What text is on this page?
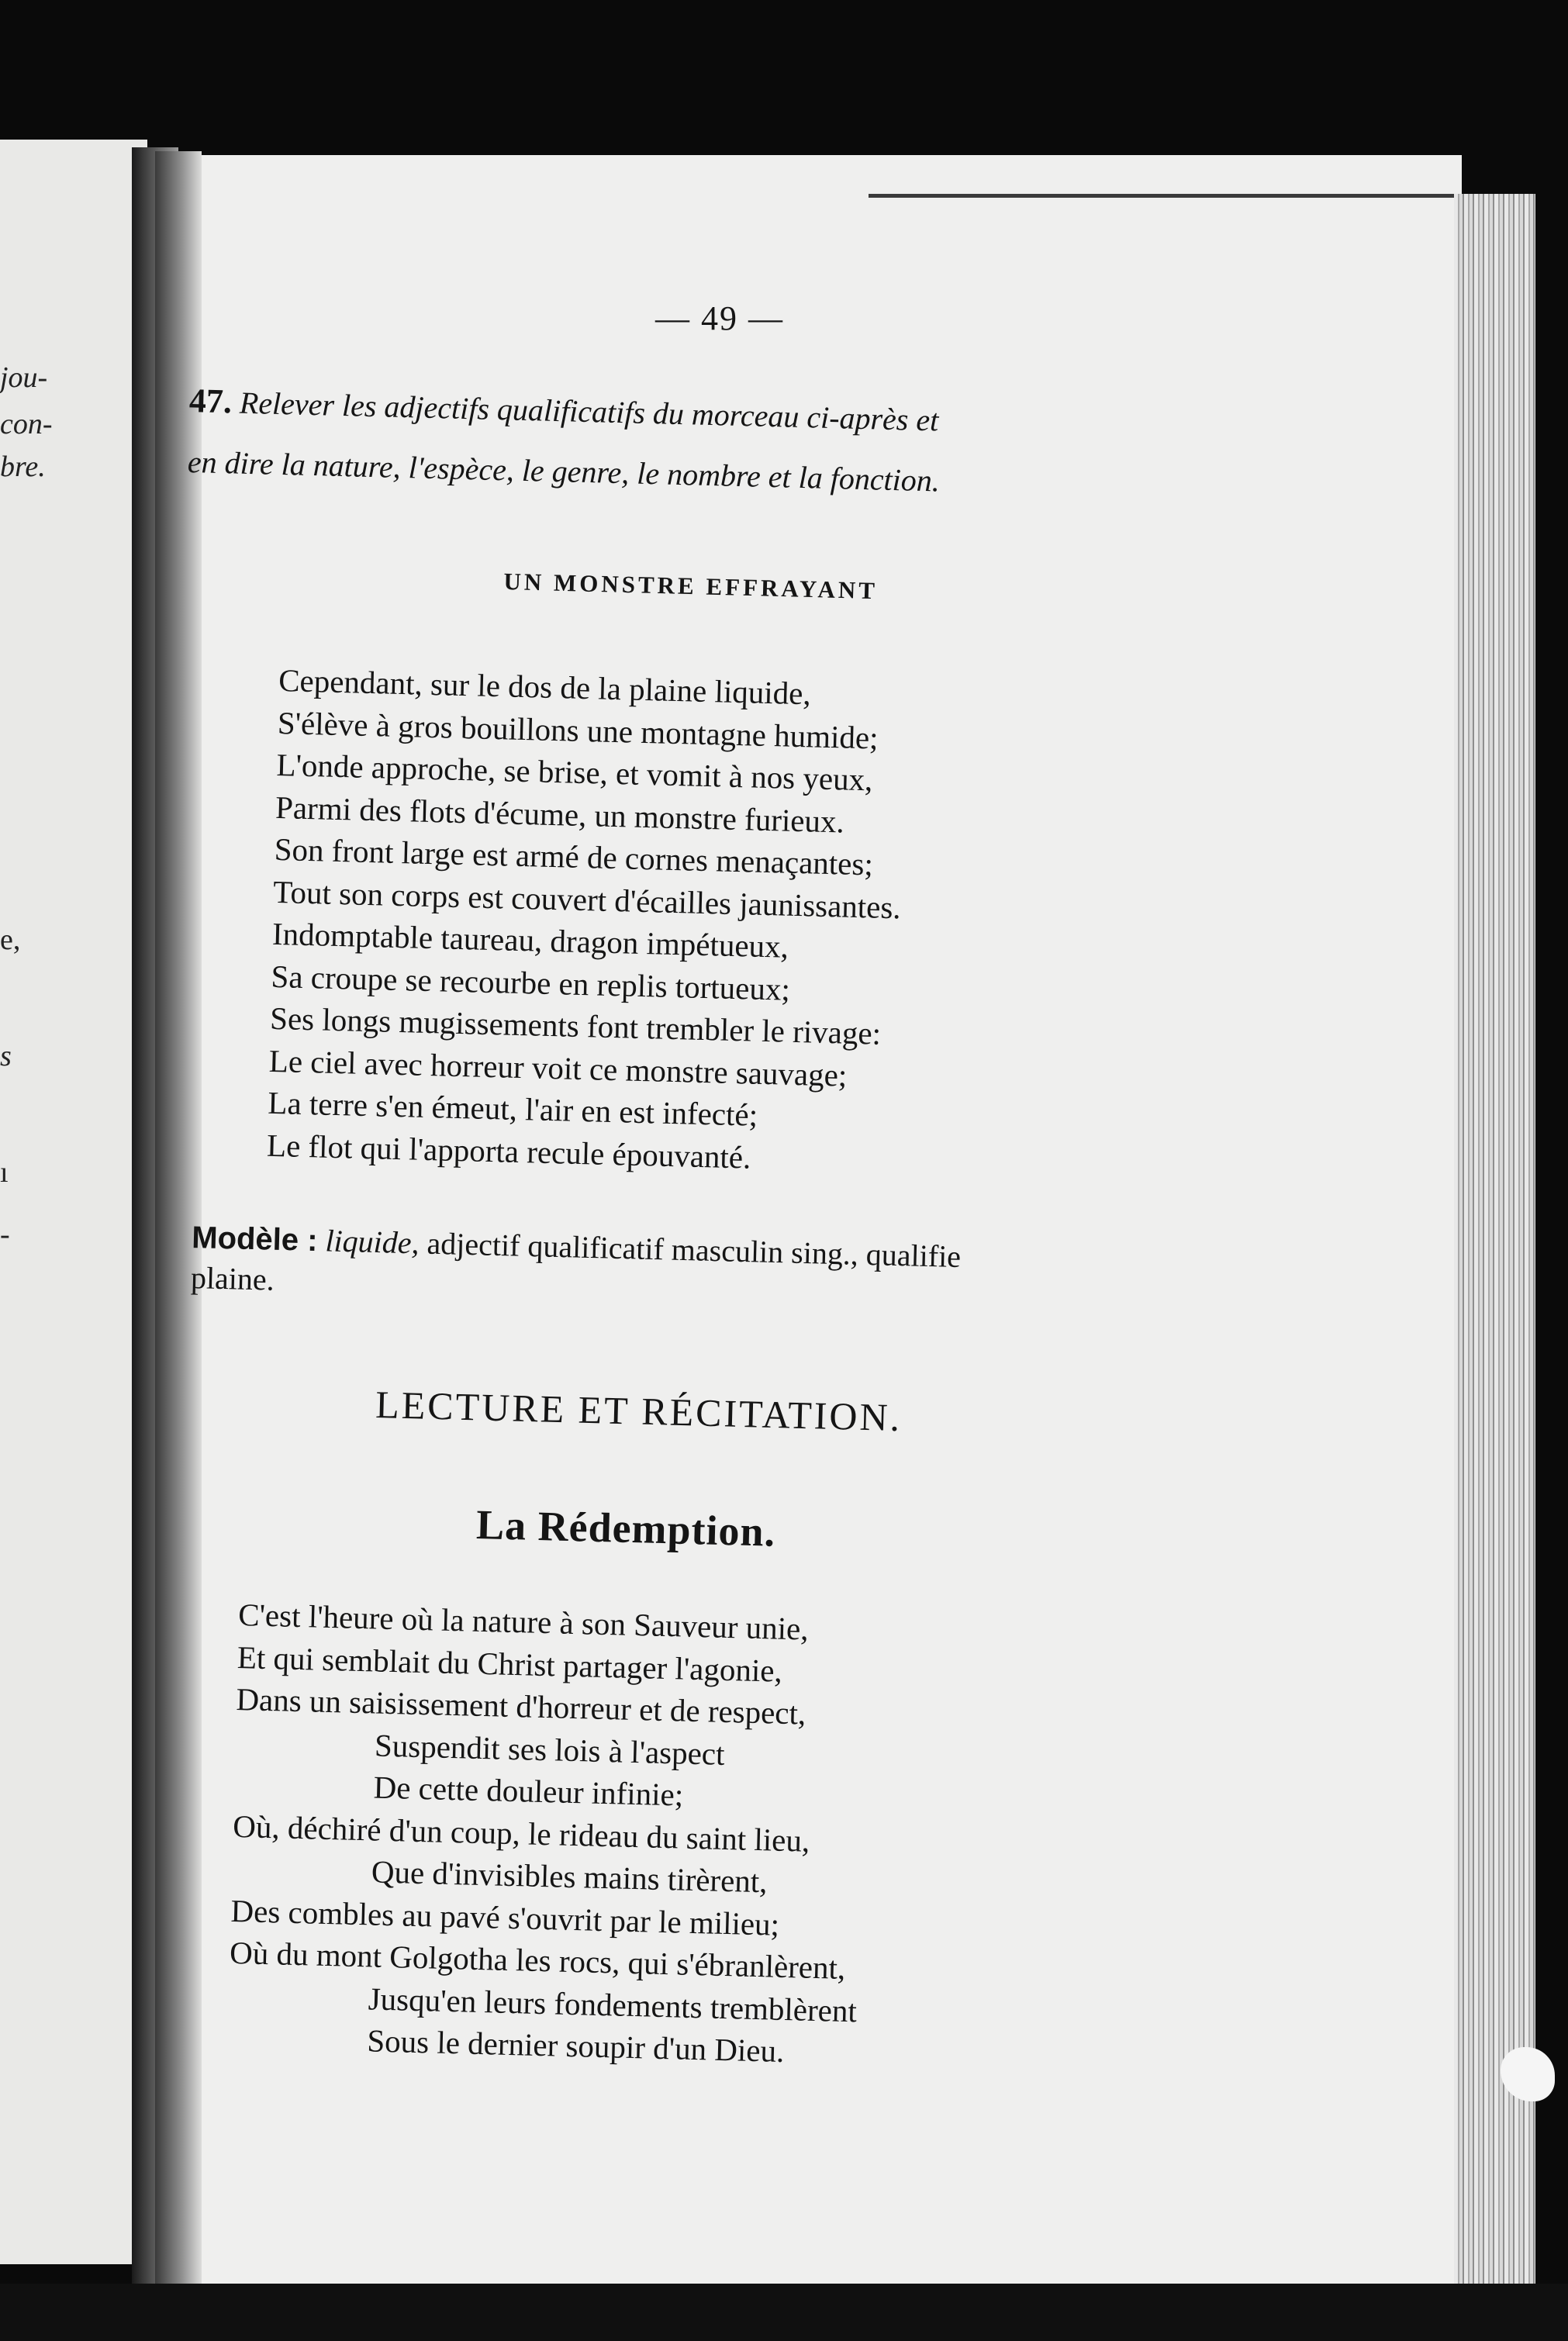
jou-
con-
bre.
e,
s
ı
-
— 49 —
47. Relever les adjectifs qualificatifs du morceau ci-après et
en dire la nature, l'espèce, le genre, le nombre et la fonction.
UN MONSTRE EFFRAYANT
Cependant, sur le dos de la plaine liquide,
S'élève à gros bouillons une montagne humide;
L'onde approche, se brise, et vomit à nos yeux,
Parmi des flots d'écume, un monstre furieux.
Son front large est armé de cornes menaçantes;
Tout son corps est couvert d'écailles jaunissantes.
Indomptable taureau, dragon impétueux,
Sa croupe se recourbe en replis tortueux;
Ses longs mugissements font trembler le rivage:
Le ciel avec horreur voit ce monstre sauvage;
La terre s'en émeut, l'air en est infecté;
Le flot qui l'apporta recule épouvanté.
Modèle : liquide, adjectif qualificatif masculin sing., qualifie
plaine.
LECTURE ET RÉCITATION.
La Rédemption.
C'est l'heure où la nature à son Sauveur unie,
Et qui semblait du Christ partager l'agonie,
Dans un saisissement d'horreur et de respect,
Suspendit ses lois à l'aspect
De cette douleur infinie;
Où, déchiré d'un coup, le rideau du saint lieu,
Que d'invisibles mains tirèrent,
Des combles au pavé s'ouvrit par le milieu;
Où du mont Golgotha les rocs, qui s'ébranlèrent,
Jusqu'en leurs fondements tremblèrent
Sous le dernier soupir d'un Dieu.
